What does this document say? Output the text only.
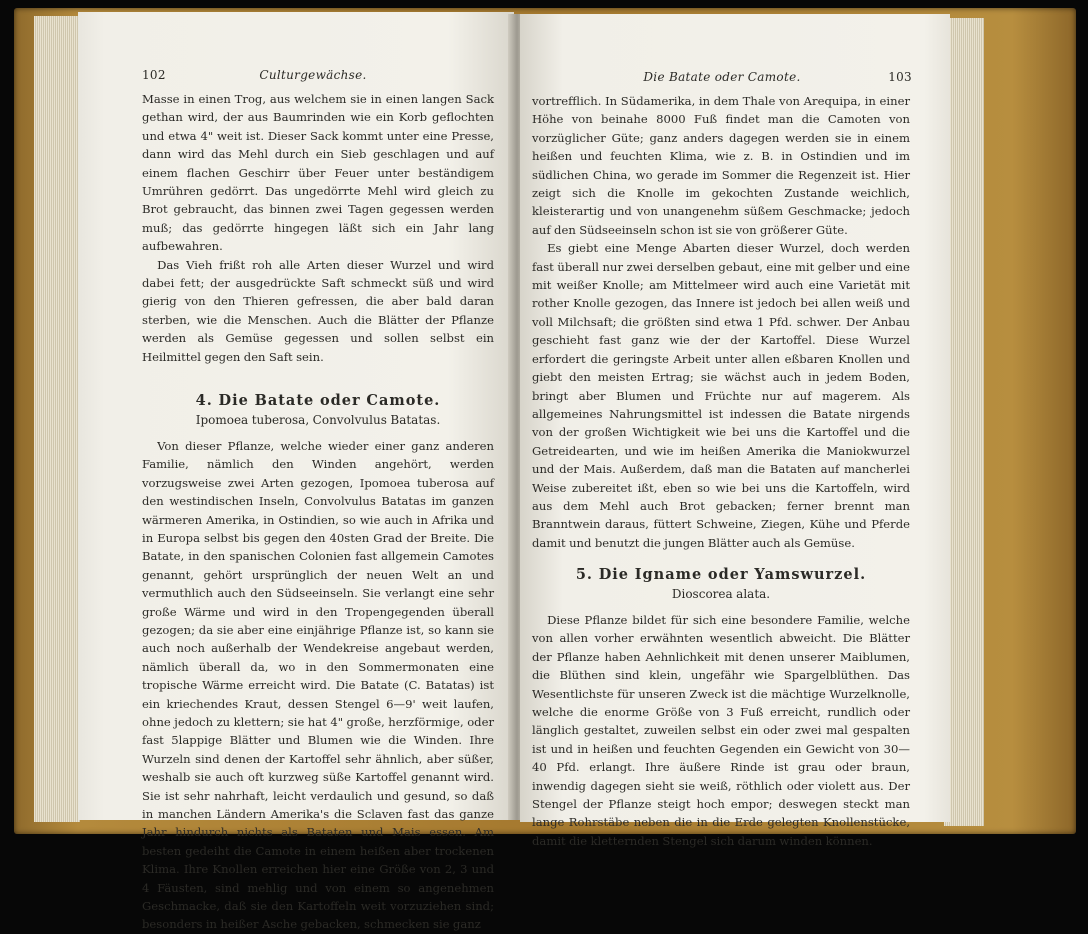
102	Culturgewächse.

Masse in einen Trog, aus welchem sie in einen langen Sack gethan wird, der aus Baumrinden wie ein Korb geflochten und etwa 4" weit ist. Dieser Sack kommt unter eine Presse, dann wird das Mehl durch ein Sieb geschlagen und auf einem flachen Geschirr über Feuer unter beständigem Umrühren gedörrt. Das ungedörrte Mehl wird gleich zu Brot gebraucht, das binnen zwei Tagen gegessen werden muß; das gedörrte hingegen läßt sich ein Jahr lang aufbewahren.

Das Vieh frißt roh alle Arten dieser Wurzel und wird dabei fett; der ausgedrückte Saft schmeckt süß und wird gierig von den Thieren gefressen, die aber bald daran sterben, wie die Menschen. Auch die Blätter der Pflanze werden als Gemüse gegessen und sollen selbst ein Heilmittel gegen den Saft sein.

4. Die Batate oder Camote.
Ipomoea tuberosa, Convolvulus Batatas.

Von dieser Pflanze, welche wieder einer ganz anderen Familie, nämlich den Winden angehört, werden vorzugsweise zwei Arten gezogen, Ipomoea tuberosa auf den westindischen Inseln, Convolvulus Batatas im ganzen wärmeren Amerika, in Ostindien, so wie auch in Afrika und in Europa selbst bis gegen den 40sten Grad der Breite. Die Batate, in den spanischen Colonien fast allgemein Camotes genannt, gehört ursprünglich der neuen Welt an und vermuthlich auch den Südseeinseln. Sie verlangt eine sehr große Wärme und wird in den Tropengegenden überall gezogen; da sie aber eine einjährige Pflanze ist, so kann sie auch noch außerhalb der Wendekreise angebaut werden, nämlich überall da, wo in den Sommermonaten eine tropische Wärme erreicht wird. Die Batate (C. Batatas) ist ein kriechendes Kraut, dessen Stengel 6—9' weit laufen, ohne jedoch zu klettern; sie hat 4" große, herzförmige, oder fast 5lappige Blätter und Blumen wie die Winden. Ihre Wurzeln sind denen der Kartoffel sehr ähnlich, aber süßer, weshalb sie auch oft kurzweg süße Kartoffel genannt wird. Sie ist sehr nahrhaft, leicht verdaulich und gesund, so daß in manchen Ländern Amerika's die Sclaven fast das ganze Jahr hindurch nichts als Bataten und Mais essen. Am besten gedeiht die Camote in einem heißen aber trockenen Klima. Ihre Knollen erreichen hier eine Größe von 2, 3 und 4 Fäusten, sind mehlig und von einem so angenehmen Geschmacke, daß sie den Kartoffeln weit vorzuziehen sind; besonders in heißer Asche gebacken, schmecken sie ganz

Die Batate oder Camote.	103

vortrefflich. In Südamerika, in dem Thale von Arequipa, in einer Höhe von beinahe 8000 Fuß findet man die Camoten von vorzüglicher Güte; ganz anders dagegen werden sie in einem heißen und feuchten Klima, wie z. B. in Ostindien und im südlichen China, wo gerade im Sommer die Regenzeit ist. Hier zeigt sich die Knolle im gekochten Zustande weichlich, kleisterartig und von unangenehm süßem Geschmacke; jedoch auf den Südseeinseln schon ist sie von größerer Güte.

Es giebt eine Menge Abarten dieser Wurzel, doch werden fast überall nur zwei derselben gebaut, eine mit gelber und eine mit weißer Knolle; am Mittelmeer wird auch eine Varietät mit rother Knolle gezogen, das Innere ist jedoch bei allen weiß und voll Milchsaft; die größten sind etwa 1 Pfd. schwer. Der Anbau geschieht fast ganz wie der der Kartoffel. Diese Wurzel erfordert die geringste Arbeit unter allen eßbaren Knollen und giebt den meisten Ertrag; sie wächst auch in jedem Boden, bringt aber Blumen und Früchte nur auf magerem. Als allgemeines Nahrungsmittel ist indessen die Batate nirgends von der großen Wichtigkeit wie bei uns die Kartoffel und die Getreidearten, und wie im heißen Amerika die Maniokwurzel und der Mais. Außerdem, daß man die Bataten auf mancherlei Weise zubereitet ißt, eben so wie bei uns die Kartoffeln, wird aus dem Mehl auch Brot gebacken; ferner brennt man Branntwein daraus, füttert Schweine, Ziegen, Kühe und Pferde damit und benutzt die jungen Blätter auch als Gemüse.

5. Die Igname oder Yamswurzel.
Dioscorea alata.

Diese Pflanze bildet für sich eine besondere Familie, welche von allen vorher erwähnten wesentlich abweicht. Die Blätter der Pflanze haben Aehnlichkeit mit denen unserer Maiblumen, die Blüthen sind klein, ungefähr wie Spargelblüthen. Das Wesentlichste für unseren Zweck ist die mächtige Wurzelknolle, welche die enorme Größe von 3 Fuß erreicht, rundlich oder länglich gestaltet, zuweilen selbst ein oder zwei mal gespalten ist und in heißen und feuchten Gegenden ein Gewicht von 30—40 Pfd. erlangt. Ihre äußere Rinde ist grau oder braun, inwendig dagegen sieht sie weiß, röthlich oder violett aus. Der Stengel der Pflanze steigt hoch empor; deswegen steckt man lange Rohrstäbe neben die in die Erde gelegten Knollenstücke, damit die kletternden Stengel sich darum winden können.
